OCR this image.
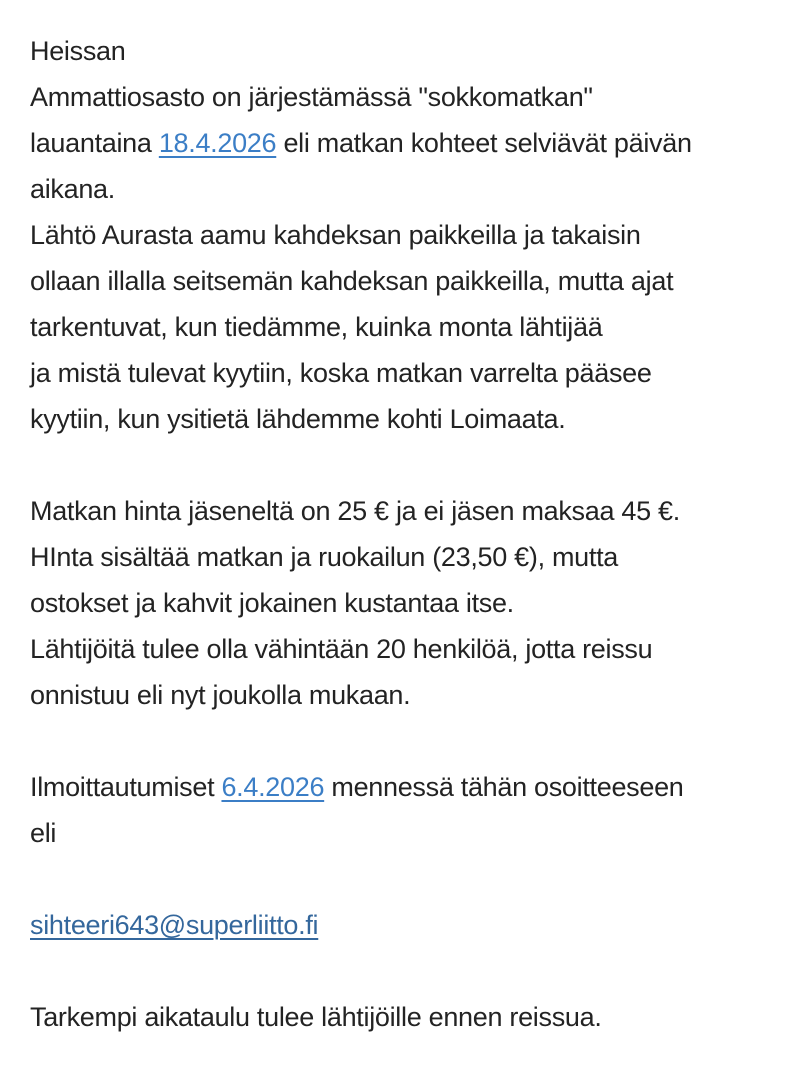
Heissan
Ammattiosasto on järjestämässä "sokkomatkan"
lauantaina 18.4.2026 eli matkan kohteet selviävät päivän
aikana.
Lähtö Aurasta aamu kahdeksan paikkeilla ja takaisin
ollaan illalla seitsemän kahdeksan paikkeilla, mutta ajat
tarkentuvat, kun tiedämme, kuinka monta lähtijää
ja mistä tulevat kyytiin, koska matkan varrelta pääsee
kyytiin, kun ysitietä lähdemme kohti Loimaata.

Matkan hinta jäseneltä on 25 € ja ei jäsen maksaa 45 €.
HInta sisältää matkan ja ruokailun (23,50 €), mutta
ostokset ja kahvit jokainen kustantaa itse.
Lähtijöitä tulee olla vähintään 20 henkilöä, jotta reissu
onnistuu eli nyt joukolla mukaan.

Ilmoittautumiset 6.4.2026 mennessä tähän osoitteeseen
eli

sihteeri643@superliitto.fi

Tarkempi aikataulu tulee lähtijöille ennen reissua.
